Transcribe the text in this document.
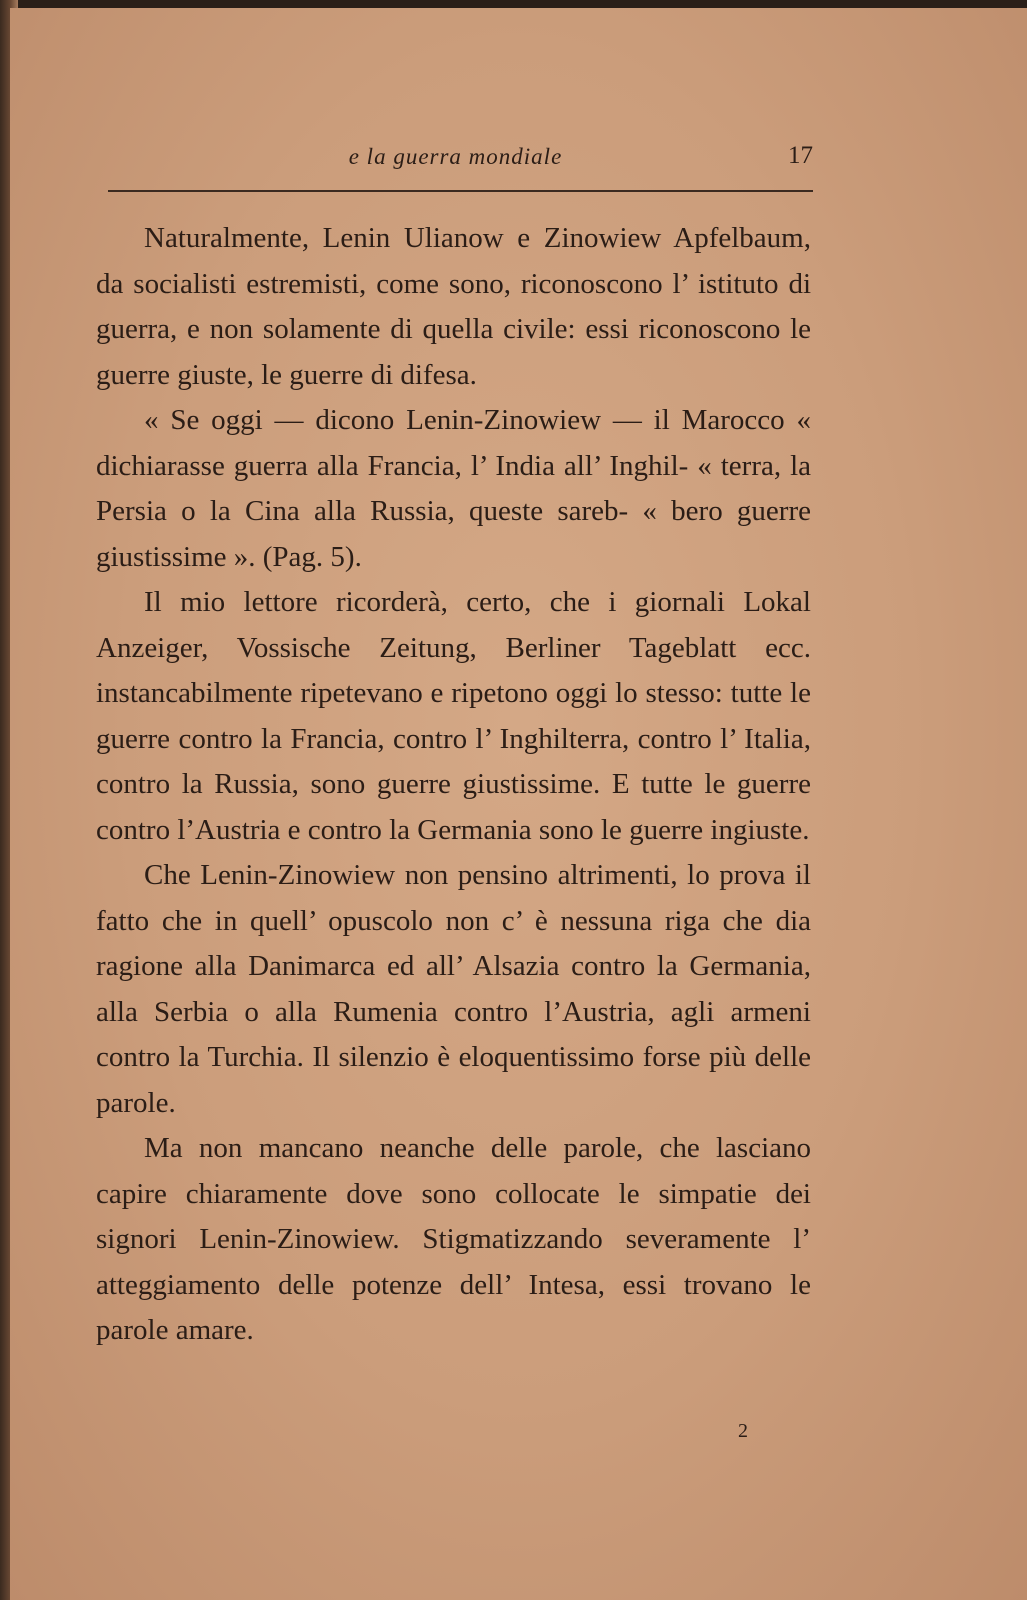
e la guerra mondiale	17

Naturalmente, Lenin Ulianow e Zinowiew Apfelbaum, da socialisti estremisti, come sono, riconoscono l’ istituto di guerra, e non solamente di quella civile: essi riconoscono le guerre giuste, le guerre di difesa.

« Se oggi — dicono Lenin-Zinowiew — il Marocco « dichiarasse guerra alla Francia, l’ India all’ Inghil- « terra, la Persia o la Cina alla Russia, queste sareb- « bero guerre giustissime ». (Pag. 5).

Il mio lettore ricorderà, certo, che i giornali Lokal Anzeiger, Vossische Zeitung, Berliner Tageblatt ecc. instancabilmente ripetevano e ripetono oggi lo stesso: tutte le guerre contro la Francia, contro l’ Inghilterra, contro l’ Italia, contro la Russia, sono guerre giustissime. E tutte le guerre contro l’Austria e contro la Germania sono le guerre ingiuste.

Che Lenin-Zinowiew non pensino altrimenti, lo prova il fatto che in quell’ opuscolo non c’ è nessuna riga che dia ragione alla Danimarca ed all’ Alsazia contro la Germania, alla Serbia o alla Rumenia contro l’Austria, agli armeni contro la Turchia. Il silenzio è eloquentissimo forse più delle parole.

Ma non mancano neanche delle parole, che lasciano capire chiaramente dove sono collocate le simpatie dei signori Lenin-Zinowiew. Stigmatizzando severamente l’ atteggiamento delle potenze dell’ Intesa, essi trovano le parole amare.

2
